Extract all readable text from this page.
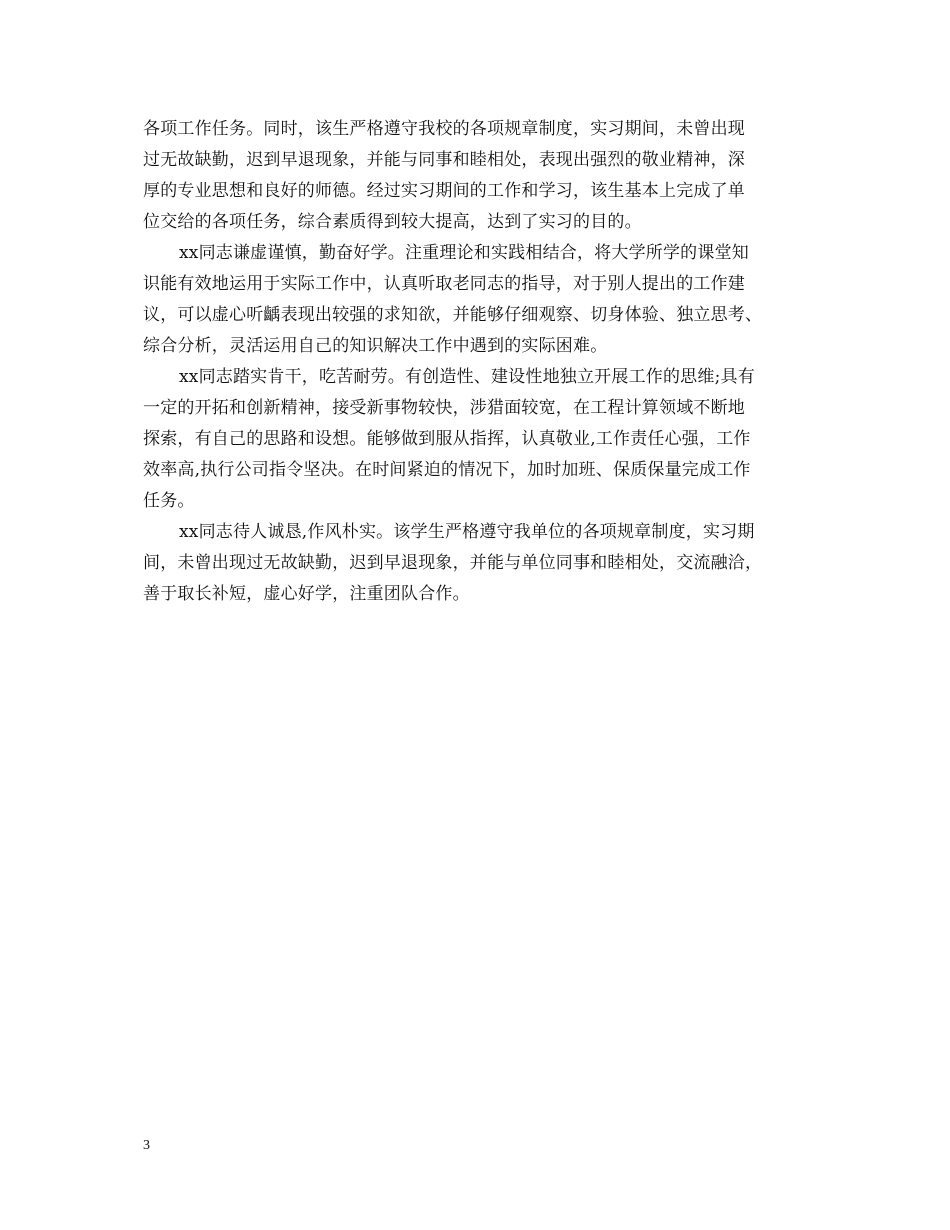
各项工作任务。同时，该生严格遵守我校的各项规章制度，实习期间，未曾出现
过无故缺勤，迟到早退现象，并能与同事和睦相处，表现出强烈的敬业精神，深
厚的专业思想和良好的师德。经过实习期间的工作和学习，该生基本上完成了单
位交给的各项任务，综合素质得到较大提高，达到了实习的目的。
xx同志谦虚谨慎，勤奋好学。注重理论和实践相结合，将大学所学的课堂知
识能有效地运用于实际工作中，认真听取老同志的指导，对于别人提出的工作建
议，可以虚心听齲表现出较强的求知欲，并能够仔细观察、切身体验、独立思考、
综合分析，灵活运用自己的知识解决工作中遇到的实际困难。
xx同志踏实肯干，吃苦耐劳。有创造性、建设性地独立开展工作的思维;具有
一定的开拓和创新精神，接受新事物较快，涉猎面较宽，在工程计算领域不断地
探索，有自己的思路和设想。能够做到服从指挥，认真敬业,工作责任心强，工作
效率高,执行公司指令坚决。在时间紧迫的情况下，加时加班、保质保量完成工作
任务。
xx同志待人诚恳,作风朴实。该学生严格遵守我单位的各项规章制度，实习期
间，未曾出现过无故缺勤，迟到早退现象，并能与单位同事和睦相处，交流融洽，
善于取长补短，虚心好学，注重团队合作。
3
